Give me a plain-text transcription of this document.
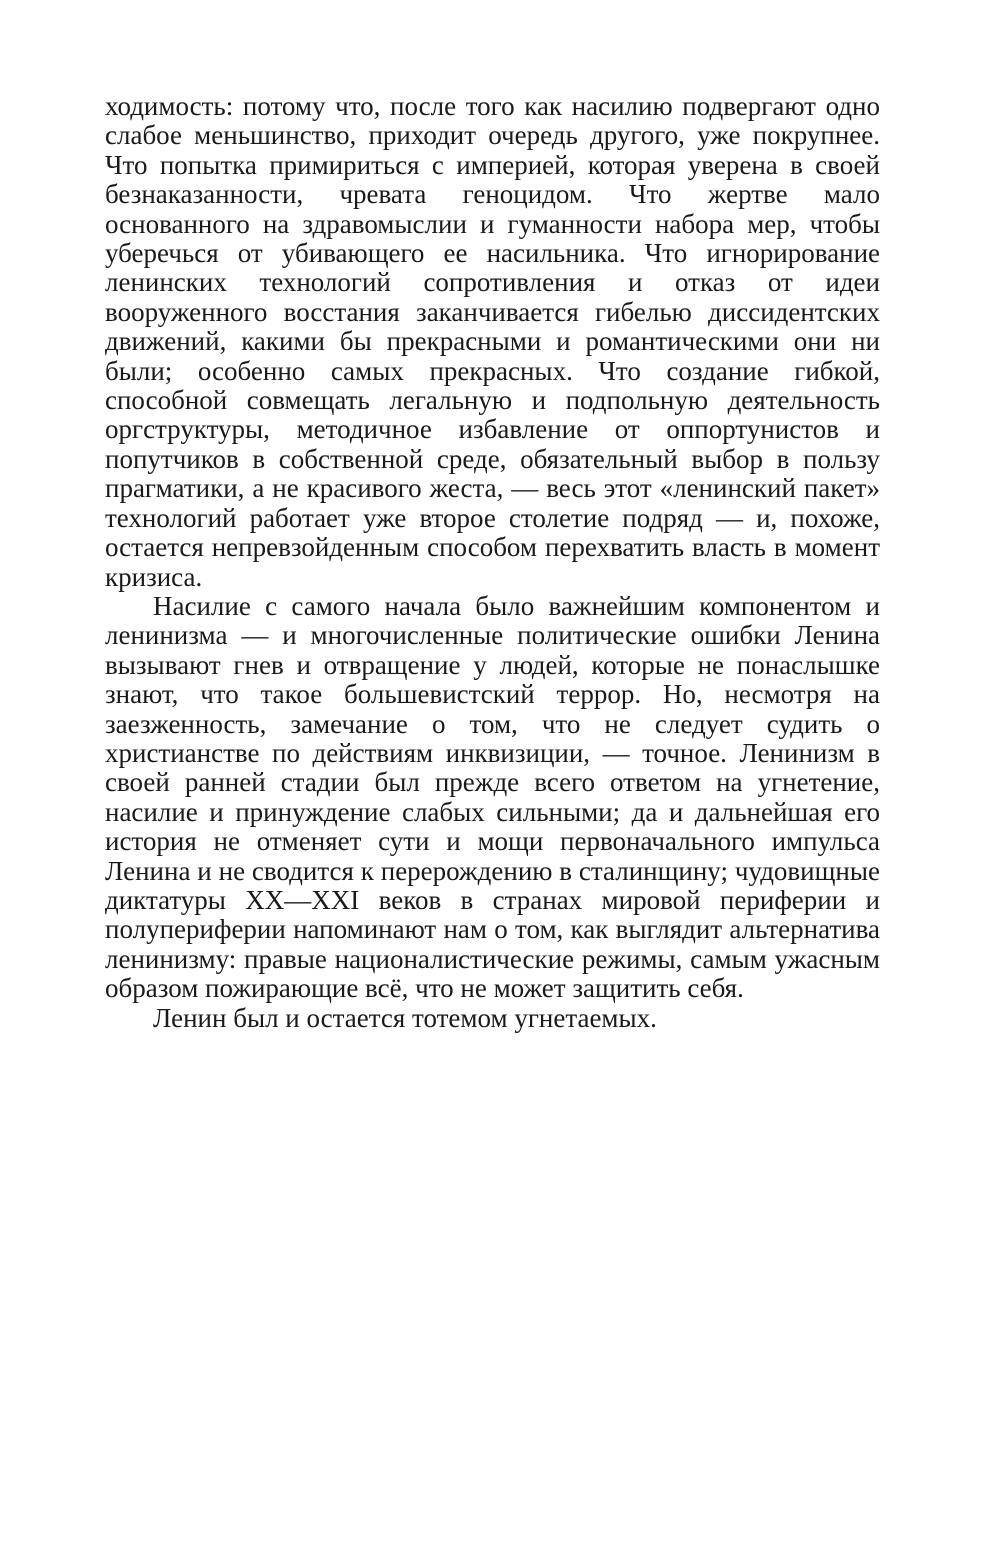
ходимость: потому что, после того как насилию подвергают одно слабое меньшинство, приходит очередь другого, уже покрупнее. Что попытка примириться с империей, которая уверена в своей безнаказанности, чревата геноцидом. Что жертве мало основанного на здравомыслии и гуманности набора мер, чтобы уберечься от убивающего ее насильника. Что игнорирование ленинских технологий сопротивления и отказ от идеи вооруженного восстания заканчивается гибелью диссидентских движений, какими бы прекрасными и романтическими они ни были; особенно самых прекрасных. Что создание гибкой, способной совмещать легальную и подпольную деятельность оргструктуры, методичное избавление от оппортунистов и попутчиков в собственной среде, обязательный выбор в пользу прагматики, а не красивого жеста, — весь этот «ленинский пакет» технологий работает уже второе столетие подряд — и, похоже, остается непревзойденным способом перехватить власть в момент кризиса.

Насилие с самого начала было важнейшим компонентом и ленинизма — и многочисленные политические ошибки Ленина вызывают гнев и отвращение у людей, которые не понаслышке знают, что такое большевистский террор. Но, несмотря на заезженность, замечание о том, что не следует судить о христианстве по действиям инквизиции, — точное. Ленинизм в своей ранней стадии был прежде всего ответом на угнетение, насилие и принуждение слабых сильными; да и дальнейшая его история не отменяет сути и мощи первоначального импульса Ленина и не сводится к перерождению в сталинщину; чудовищные диктатуры XX—XXI веков в странах мировой периферии и полупериферии напоминают нам о том, как выглядит альтернатива ленинизму: правые националистические режимы, самым ужасным образом пожирающие всё, что не может защитить себя.

Ленин был и остается тотемом угнетаемых.
